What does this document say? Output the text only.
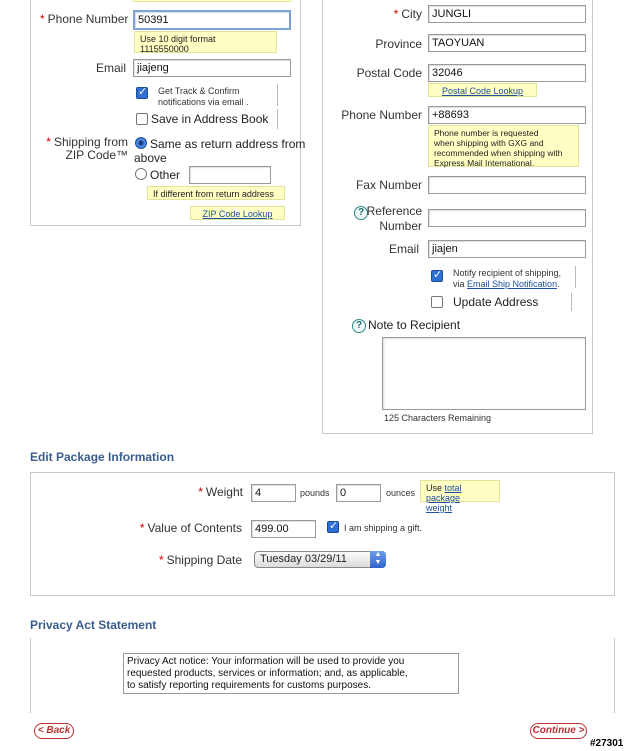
* Phone Number 50391
Use 10 digit format
1115550000
Email	jiajeng
✓
Get Track & Confirm
notifications via email .
Save in Address Book
* Shipping from
ZIP Code™
Same as return address from
above
Other
If different from return address
ZIP Code Lookup
* City JUNGLI
Province TAOYUAN
Postal Code 32046
Postal Code Lookup
Phone Number +88693
Phone number is requested
when shipping with GXG and
recommended when shipping with
Express Mail International.
Fax Number
? Reference
Number
Email	jiajen
✓
Notify recipient of shipping,
via Email Ship Notification.
Update Address
? Note to Recipient
125 Characters Remaining
Edit Package Information
* Weight	4	pounds 0	ounces	Use total package
weight
* Value of Contents	499.00
✓	I am shipping a gift.
* Shipping Date	Tuesday 03/29/11	▲
▼
Privacy Act Statement
Privacy Act notice: Your information will be used to provide you
requested products, services or information; and, as applicable,
to satisfy reporting requirements for customs purposes.
< Back	Continue >
#27301
